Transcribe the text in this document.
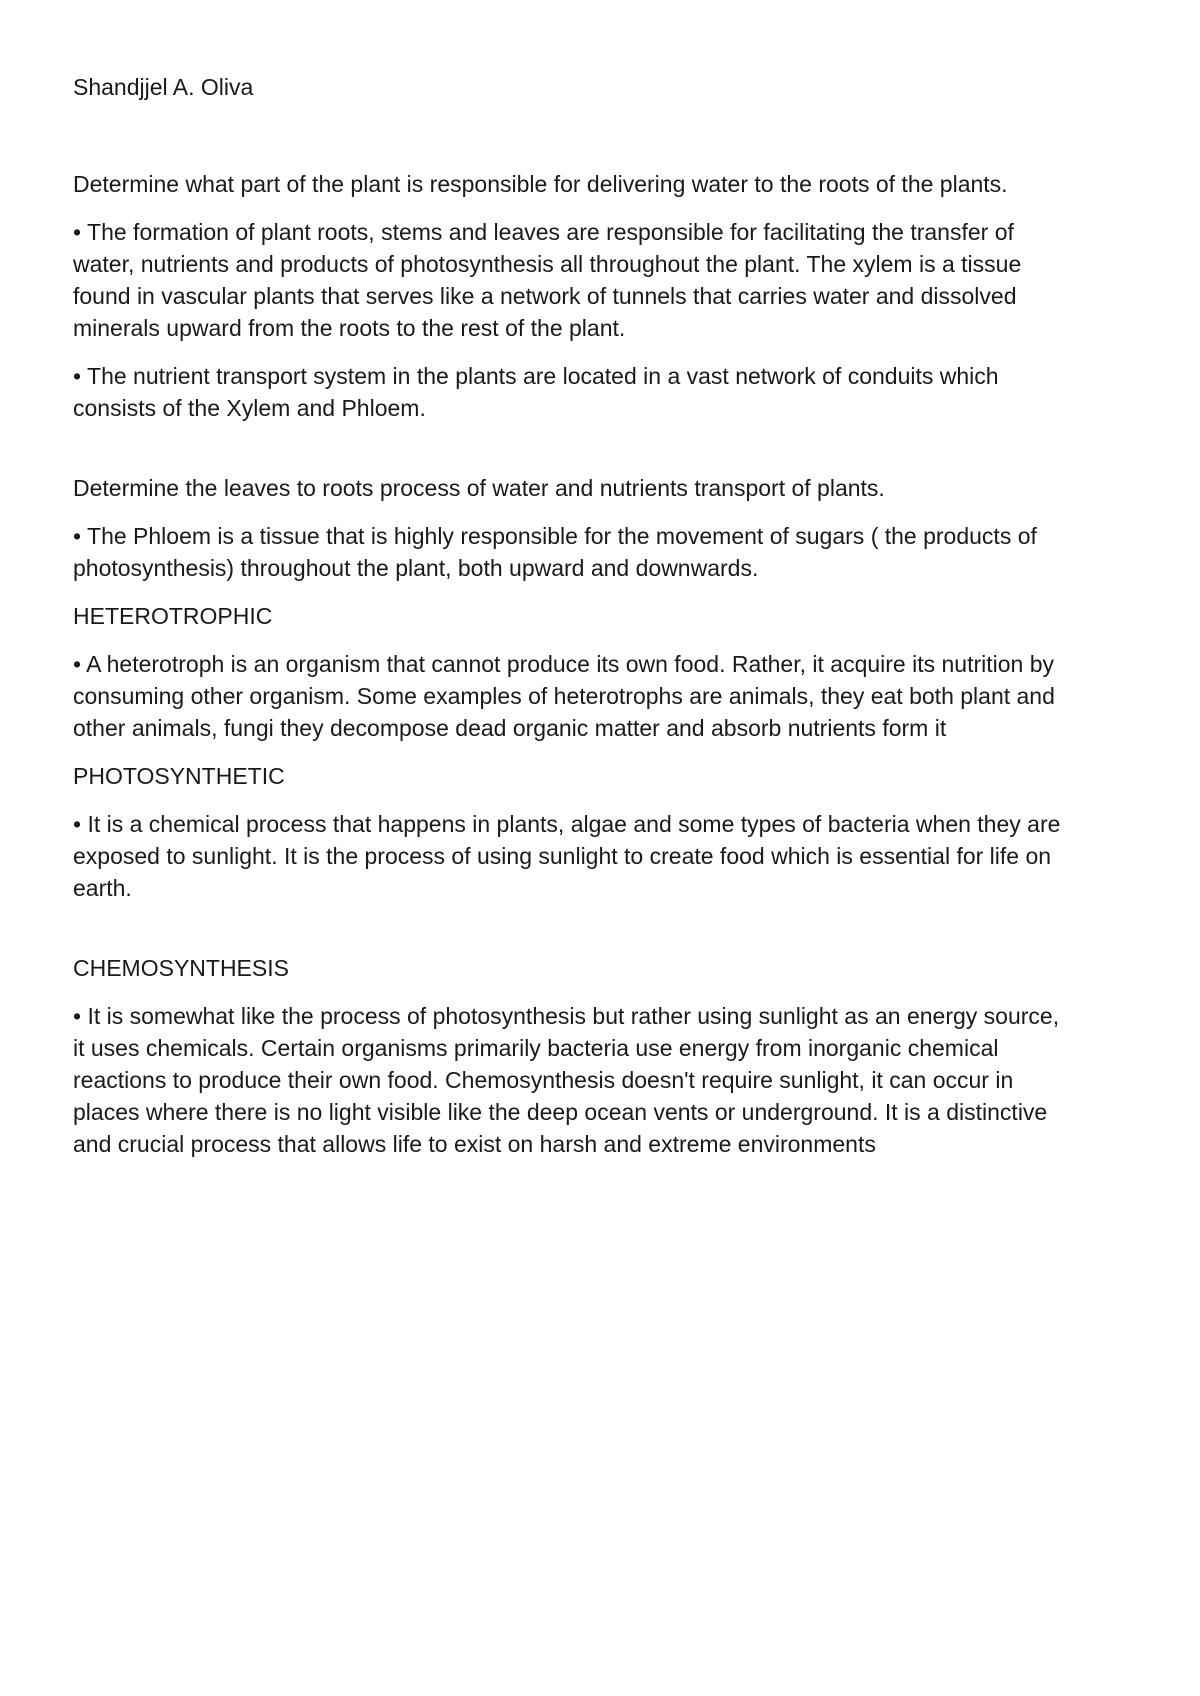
Shandjjel A. Oliva

Determine what part of the plant is responsible for delivering water to the roots of the plants.

• The formation of plant roots, stems and leaves are responsible for facilitating the transfer of

water, nutrients and products of photosynthesis all throughout the plant. The xylem is a tissue

found in vascular plants that serves like a network of tunnels that carries water and dissolved

minerals upward from the roots to the rest of the plant.

• The nutrient transport system in the plants are located in a vast network of conduits which

consists of the Xylem and Phloem.

Determine the leaves to roots process of water and nutrients transport of plants.

• The Phloem is a tissue that is highly responsible for the movement of sugars ( the products of

photosynthesis) throughout the plant, both upward and downwards.

HETEROTROPHIC

• A heterotroph is an organism that cannot produce its own food. Rather, it acquire its nutrition by

consuming other organism. Some examples of heterotrophs are animals, they eat both plant and

other animals, fungi they decompose dead organic matter and absorb nutrients form it

PHOTOSYNTHETIC

• It is a chemical process that happens in plants, algae and some types of bacteria when they are

exposed to sunlight. It is the process of using sunlight to create food which is essential for life on

earth.

CHEMOSYNTHESIS

• It is somewhat like the process of photosynthesis but rather using sunlight as an energy source,

it uses chemicals. Certain organisms primarily bacteria use energy from inorganic chemical

reactions to produce their own food. Chemosynthesis doesn't require sunlight, it can occur in

places where there is no light visible like the deep ocean vents or underground. It is a distinctive

and crucial process that allows life to exist on harsh and extreme environments
